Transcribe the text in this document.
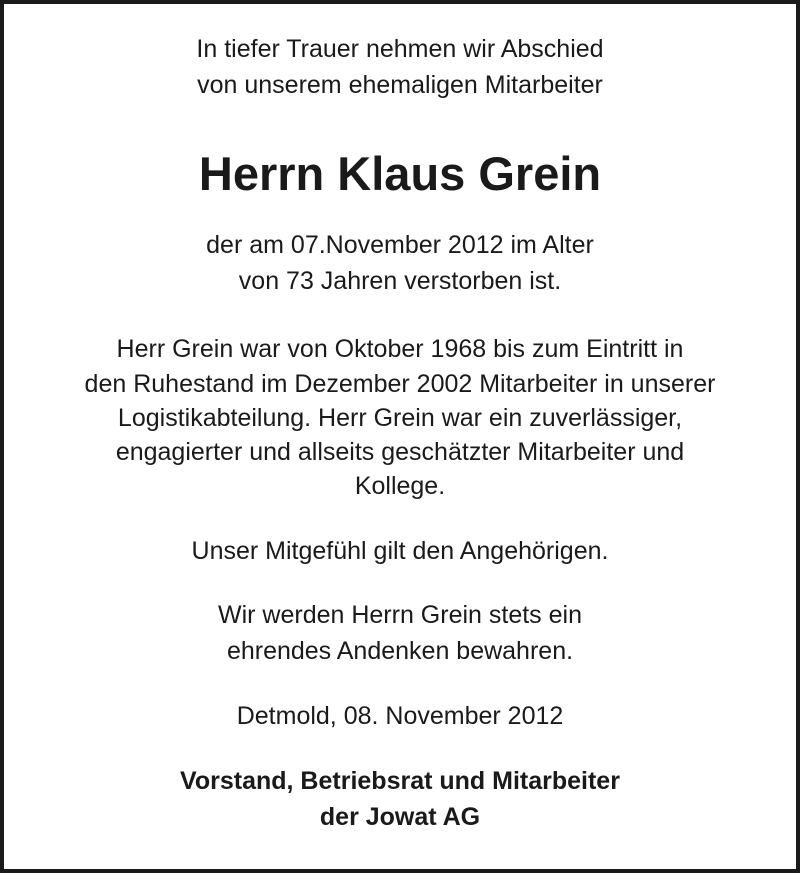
In tiefer Trauer nehmen wir Abschied
von unserem ehemaligen Mitarbeiter
Herrn Klaus Grein
der am 07.November 2012 im Alter
von 73 Jahren verstorben ist.
Herr Grein war von Oktober 1968 bis zum Eintritt in
den Ruhestand im Dezember 2002 Mitarbeiter in unserer
Logistikabteilung. Herr Grein war ein zuverlässiger,
engagierter und allseits geschätzter Mitarbeiter und
Kollege.
Unser Mitgefühl gilt den Angehörigen.
Wir werden Herrn Grein stets ein
ehrendes Andenken bewahren.
Detmold, 08. November 2012
Vorstand, Betriebsrat und Mitarbeiter
der Jowat AG
